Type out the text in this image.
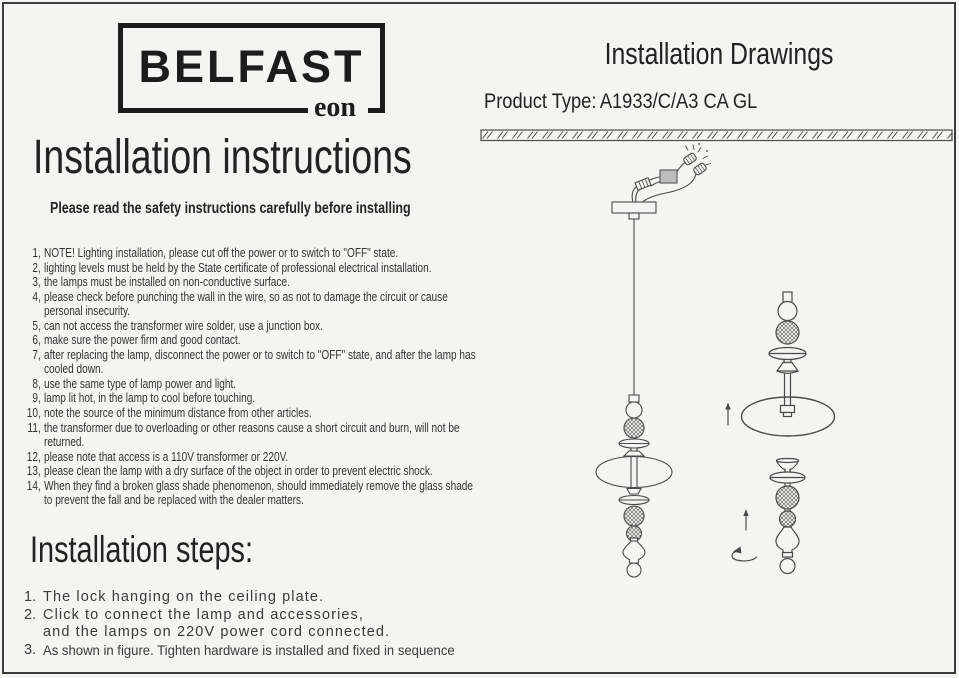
BELFAST
eon
Installation instructions
Please read the safety instructions carefully before installing
1, NOTE! Lighting installation, please cut off the power or to switch to "OFF" state.
2, lighting levels must be held by the State certificate of professional electrical installation.
3, the lamps must be installed on non-conductive surface.
4, please check before punching the wall in the wire, so as not to damage the circuit or cause personal insecurity.
5, can not access the transformer wire solder, use a junction box.
6, make sure the power firm and good contact.
7, after replacing the lamp, disconnect the power or to switch to "OFF" state, and after the lamp has cooled down.
8, use the same type of lamp power and light.
9, lamp lit hot, in the lamp to cool before touching.
10, note the source of the minimum distance from other articles.
11, the transformer due to overloading or other reasons cause a short circuit and burn, will not be returned.
12, please note that access is a 110V transformer or 220V.
13, please clean the lamp with a dry surface of the object in order to prevent electric shock.
14, When they find a broken glass shade phenomenon, should immediately remove the glass shade to prevent the fall and be replaced with the dealer matters.
Installation steps:
1. The lock hanging on the ceiling plate.
2. Click to connect the lamp and accessories,
and the lamps on 220V power cord connected.
3. As shown in figure. Tighten hardware is installed and fixed in sequence
Installation Drawings
Product Type: A1933/C/A3 CA GL
